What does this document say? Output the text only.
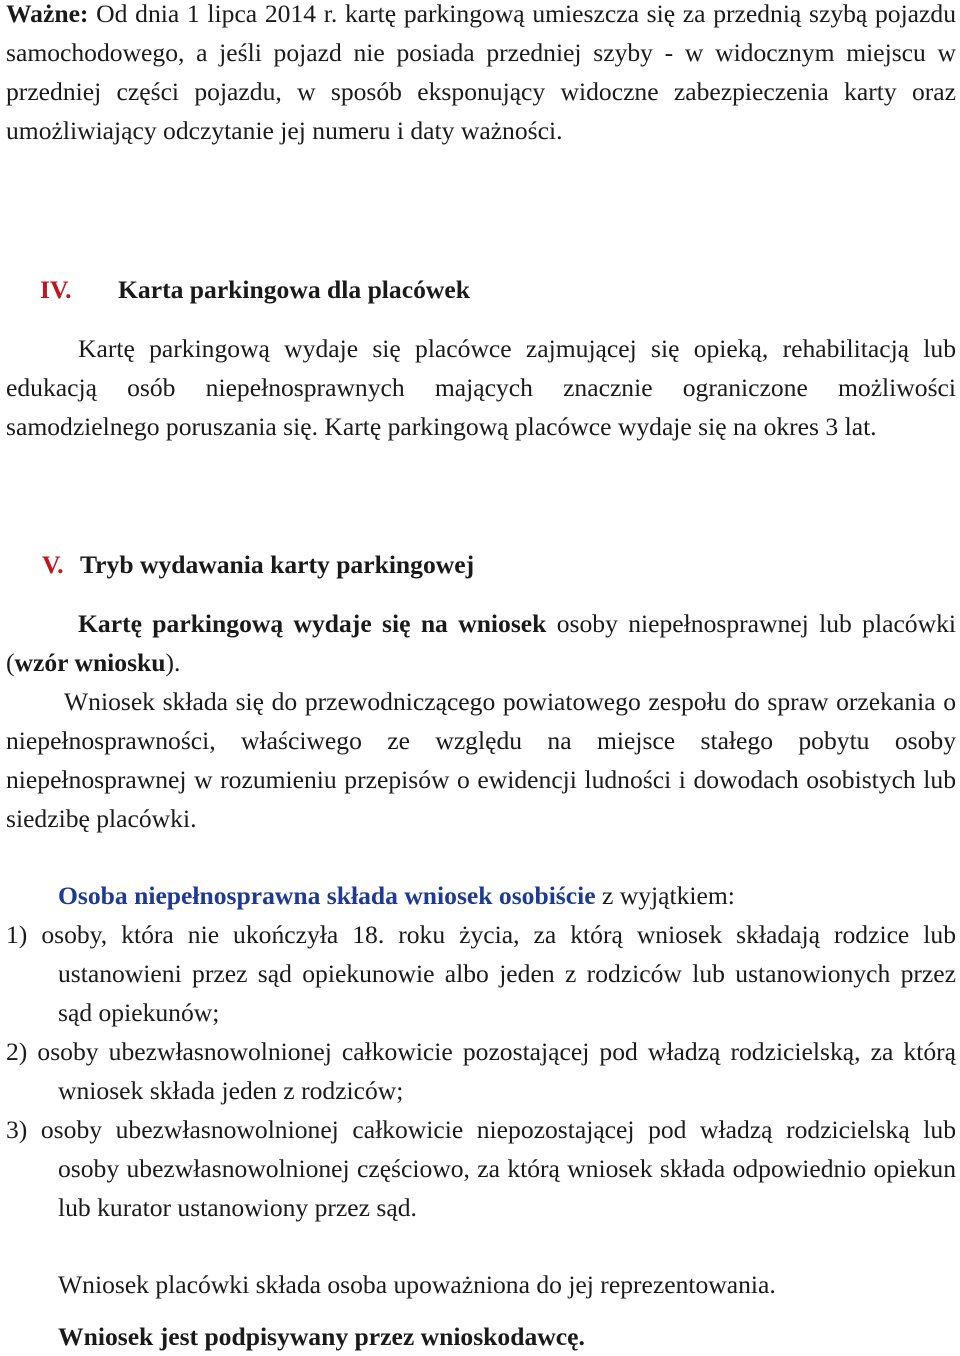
Ważne: Od dnia 1 lipca 2014 r. kartę parkingową umieszcza się za przednią szybą pojazdu samochodowego, a jeśli pojazd nie posiada przedniej szyby - w widocznym miejscu w przedniej części pojazdu, w sposób eksponujący widoczne zabezpieczenia karty oraz umożliwiający odczytanie jej numeru i daty ważności.

IV. Karta parkingowa dla placówek

Kartę parkingową wydaje się placówce zajmującej się opieką, rehabilitacją lub edukacją osób niepełnosprawnych mających znacznie ograniczone możliwości samodzielnego poruszania się. Kartę parkingową placówce wydaje się na okres 3 lat.

V. Tryb wydawania karty parkingowej

Kartę parkingową wydaje się na wniosek osoby niepełnosprawnej lub placówki (wzór wniosku).

Wniosek składa się do przewodniczącego powiatowego zespołu do spraw orzekania o niepełnosprawności, właściwego ze względu na miejsce stałego pobytu osoby niepełnosprawnej w rozumieniu przepisów o ewidencji ludności i dowodach osobistych lub siedzibę placówki.

Osoba niepełnosprawna składa wniosek osobiście z wyjątkiem:

1) osoby, która nie ukończyła 18. roku życia, za którą wniosek składają rodzice lub ustanowieni przez sąd opiekunowie albo jeden z rodziców lub ustanowionych przez sąd opiekunów;

2) osoby ubezwłasnowolnionej całkowicie pozostającej pod władzą rodzicielską, za którą wniosek składa jeden z rodziców;

3) osoby ubezwłasnowolnionej całkowicie niepozostającej pod władzą rodzicielską lub osoby ubezwłasnowolnionej częściowo, za którą wniosek składa odpowiednio opiekun lub kurator ustanowiony przez sąd.

Wniosek placówki składa osoba upoważniona do jej reprezentowania.

Wniosek jest podpisywany przez wnioskodawcę.
